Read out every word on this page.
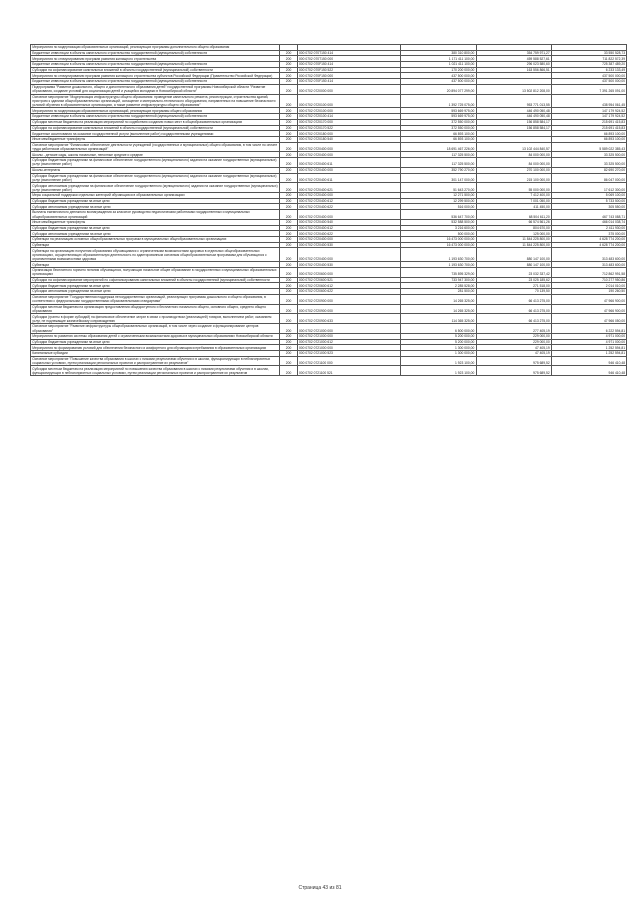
Мероприятия по модернизации образовательных организаций, реализующих программы дополнительного общего образования					
Бюджетные инвестиции в объекты капитального строительства государственной (муниципальной) собственности	200	000 0702 070Т150 414	380 310 800,00	354 759 971,27	33 550 528,73
Мероприятия по стимулированию программ развития жилищного строительства	200	000 0702 070Т150 000	1 171 411 100,00	459 588 527,61	711 822 572,39
Бюджетные инвестиции в объекты капитального строительства государственной (муниципальной) собственности	200	000 0702 070F150 414	1 021 411 100,00	296 023 580,60	725 387 489,20
Субсидии на софинансирование капитальных вложений в объекты государственной (муниципальной) собственности	200	000 0702 070F150 522	170 200 000,00	163 556 866,51	6 233 133,49
Мероприятия по стимулированию программ развития жилищного строительства субъектов Российской Федерации (Правительство Российской Федерации)	200	000 0702 070F150 000	437 500 000,00		437 500 000,00
Бюджетные инвестиции в объекты капитального строительства государственной (муниципальной) собственности	200	000 0702 070F150 414	437 500 000,00		437 500 000,00
Подпрограмма "Развитие дошкольного, общего и дополнительного образования детей" государственной программы Новосибирской области "Развитие образования, создание условий для социализации детей и учащейся молодежи в Новосибирской области"	200	000 0702 0720000 000	20 894 077 299,00	13 502 812 208,00	7 391 265 091,00
Основное мероприятие "Модернизация инфраструктуры общего образования: проведение капитального ремонта, реконструкции, строительства зданий, пристроек к зданиям общеобразовательных организаций, оснащение и материально-технического оборудования, направленных на повышение безопасности условий обучения в образовательных организациях, а также развитие инфраструктуры общего образования"	200	000 0702 0720100 000	1 392 725 075,00	953 771 013,55	438 954 061,45
Мероприятия по модернизации образовательных организаций, реализующих программы общего образования	200	000 0702 0720100 000	593 669 975,00	446 490 050,48	147 179 924,52
Бюджетные инвестиции в объекты капитального строительства государственной (муниципальной) собственности	200	000 0702 0720100 414	593 669 975,00	446 490 050,48	147 179 924,52
Субсидии местным бюджетам на реализацию мероприятий по содействию созданию новых мест в общеобразовательных организациях	200	000 0702 0720170 000	372 550 000,00	156 858 584,17	215 691 415,83
Субсидии на софинансирование капитальных вложений в объекты государственной (муниципальной) собственности	200	000 0702 0720170 522	372 550 000,00	156 858 584,17	215 691 415,83
Бюджетные ассигнования на оказание государственной услуги (выполнение работ) государственными учреждениями	200	000 0702 0720180 000	66 893 100,00		66 893 100,00
Иные межбюджетные трансферты	200	000 0702 0720180 540	66 893 100,00		66 893 100,00
Основное мероприятие "Финансовое обеспечение деятельности учреждений (государственных и муниципальных) общего образования, в том числе по оплате труда работников образовательных организаций"	200	000 0702 0720400 000	18 691 467 226,00	13 102 444 840,57	5 589 022 385,43
Школы - детские сады, школы начальные, неполные средние и средние	200	000 0702 0720400 000	117 325 500,00	84 000 000,00	33 325 500,00
Субсидии бюджетным учреждениям на финансовое обеспечение государственного (муниципального) задания на оказание государственных (муниципальных) услуг (выполнение работ)	200	000 0702 0720400 611	117 325 500,00	84 000 000,00	33 325 500,00
Школы-интернаты	200	000 0702 0720400 000	352 790 270,00	270 100 000,00	82 690 270,00
Субсидии бюджетным учреждениям на финансовое обеспечение государственного (муниципального) задания на оказание государственных (муниципальных) услуг (выполнение работ)	200	000 0702 0720400 611	301 147 000,00	215 100 000,00	86 047 000,00
Субсидии автономным учреждениям на финансовое обеспечение государственного (муниципального) задания на оказание государственных (муниципальных) услуг (выполнение работ)	200	000 0702 0720400 621	51 643 270,00	55 000 000,00	17 612 300,00
Меры социальной поддержки отдельных категорий обучающихся в образовательных организациях	200	000 0702 0720400 000	12 271 500,00	7 412 400,00	5 069 100,00
Субсидии бюджетным учреждениям на иные цели	200	000 0702 0720400 612	12 299 500,00	7 001 050,00	5 733 500,00
Субсидии автономным учреждениям на иные цели	200	000 0702 0720400 622	516 000,00	411 450,00	305 550,00
Выплаты ежемесячного денежного вознаграждения за классное руководство педагогическим работникам государственных и муниципальных общеобразовательных организаций	200	000 0702 0720400 000	536 647 700,00	68 504 611,20	467 743 088,71
Иные межбюджетные трансферты	200	000 0702 0720400 540	532 588 500,00	66 574 561,26	466 014 038,74
Субсидии бюджетным учреждениям на иные цели	200	000 0702 0720400 612	3 216 600,00	804 670,00	2 411 930,00
Субсидии автономным учреждениям на иные цели	200	000 0702 0720400 622	500 000,00	125 000,00	375 000,00
Субвенции на реализацию основных общеобразовательных программ в муниципальных общеобразовательных организациях	200	000 0702 0720400 000	16 473 000 000,00	11 844 225 800,00	4 628 774 200,00
Субвенции	200	000 0702 0720400 530	16 473 000 000,00	11 844 225 800,00	4 628 774 200,00
Субвенции на организацию получения образования обучающимися с ограниченными возможностями здоровья в отдельных общеобразовательных организациях, осуществляющих образовательную деятельность по адаптированным основным общеобразовательным программам для обучающихся с ограниченными возможностями здоровья	200	000 0702 0720400 000	1 193 630 700,00	880 147 100,00	313 483 600,00
Субвенции	200	000 0702 0720400 530	1 193 630 700,00	880 147 100,00	313 483 600,00
Организация бесплатного горячего питания обучающихся, получающих начальное общее образование в государственных и муниципальных образовательных организациях	200	000 0702 0720600 000	735 895 329,00	23 032 337,42	712 862 991,58
Субсидии на софинансирование мероприятий по софинансированию капитальных вложений в объекты государственной (муниципальной) собственности	200	000 0702 0720600 521	733 947 300,00	23 025 185,62	710 277 950,86
Субсидии бюджетным учреждениям на иные цели	200	000 0702 0720600 612	2 285 528,00	271 518,00	2 014 010,00
Субсидии автономным учреждениям на иные цели	200	000 0702 0720600 622	281 500,00	70 139,50	190 260,50
Основное мероприятие "Государственная поддержка негосударственных организаций, реализующих программы дошкольного и общего образования, в соответствии с федеральными государственными образовательными стандартами"	200	000 0702 0720900 000	14 265 325,00	66 413 275,00	47 966 900,00
Субсидии местным бюджетам на организацию предоставления общедоступного и бесплатного начального общего, основного общего, среднего общего образования	200	000 0702 0720900 000	14 265 325,00	66 413 275,00	47 966 900,00
Субсидии (гранты в форме субсидий) на финансовое обеспечение затрат в связи с производством (реализацией) товаров, выполнением работ, оказанием услуг, не подлежащие казначейскому сопровождению	200	000 0702 0720900 633	114 365 325,00	66 413 275,00	47 966 050,00
Основное мероприятие "Развитие инфраструктуры общеобразовательных организаций, в том числе через создание и функционирование центров образования"	200	000 0702 0721000 000	6 500 000,00	277 405,19	6 222 594,81
Мероприятия по развитию системы образования детей с ограниченными возможностями здоровья в муниципальных образованиях Новосибирской области	200	000 0702 0721000 000	5 200 000,00	229 000,00	4 971 000,00
Субсидии бюджетным учреждениям на иные цели	200	000 0702 0721000 612	5 200 000,00	229 000,00	4 971 000,00
Мероприятия по формированию условий для обеспечения безопасного и комфортного для обучающихся пребывания в образовательных организациях	200	000 0702 0721000 000	1 300 000,00	47 405,19	1 252 594,81
Капитальные субсидии	200	000 0702 0721000 523	1 300 000,00	47 405,19	1 252 594,81
Основное мероприятие "Повышение качества образования в школах с низкими результатами обучения и в школах, функционирующих в неблагоприятных социальных условиях, путем реализации региональных проектов и распространение их результатов"	200	000 0702 0721100 000	1 923 100,00	975 689,52	946 410,48
Субсидии местным бюджетам на реализацию мероприятий по повышению качества образования в школах с низкими результатами обучения и в школах, функционирующих в неблагоприятных социальных условиях, путем реализации региональных проектов и распространение их результатов	200	000 0702 0721100 521	1 923 100,00	975 689,52	946 410,48
Страница 43 из 81
